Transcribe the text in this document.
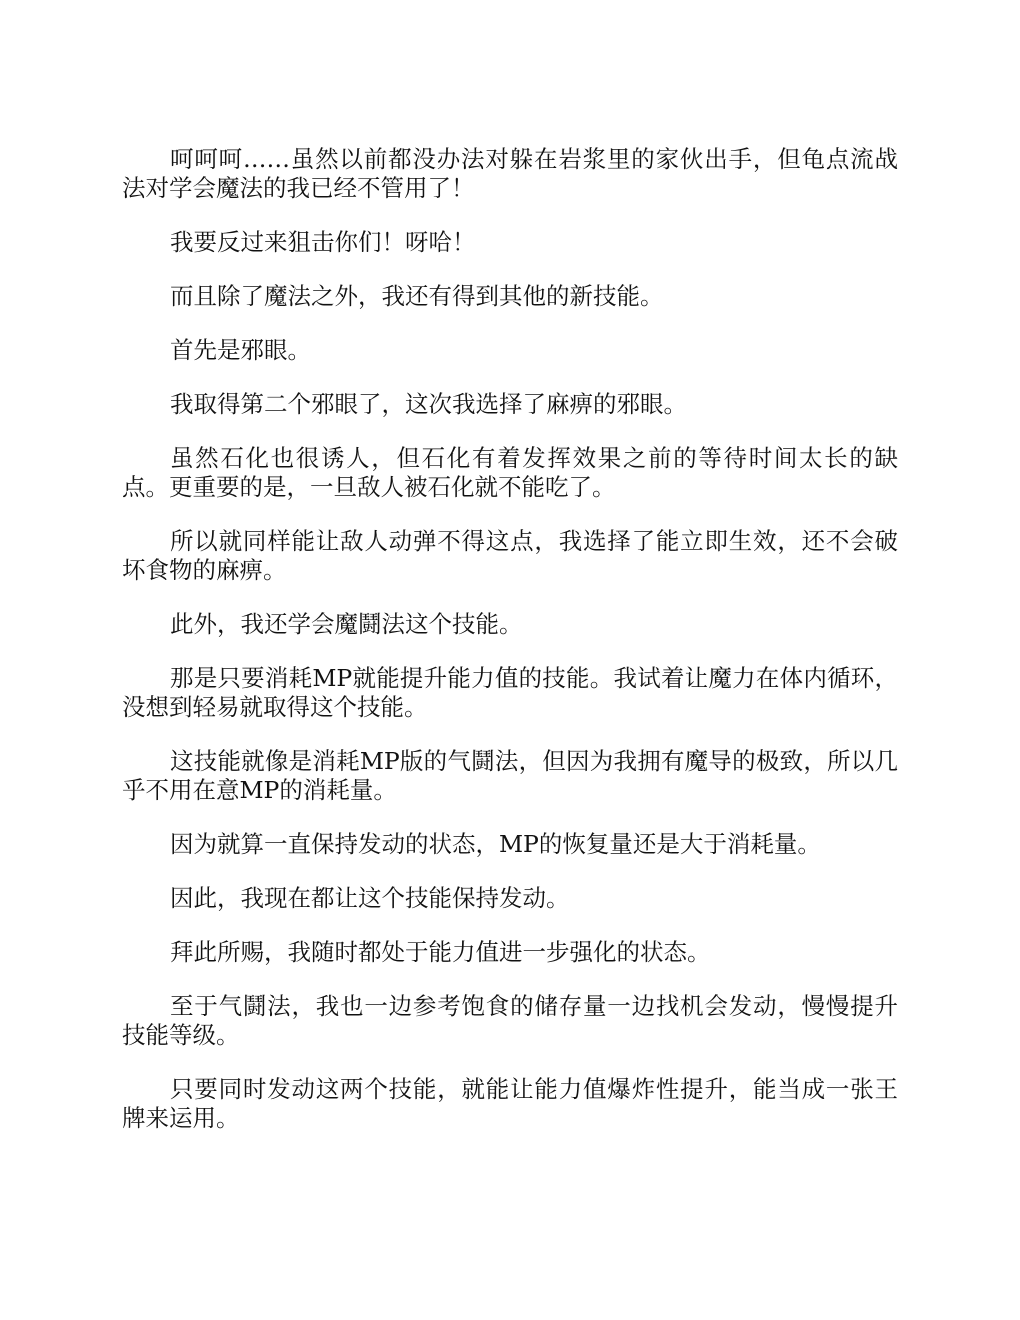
呵呵呵……虽然以前都没办法对躲在岩浆里的家伙出手，但龟点流战法对学会魔法的我已经不管用了！

我要反过来狙击你们！呀哈！

而且除了魔法之外，我还有得到其他的新技能。

首先是邪眼。

我取得第二个邪眼了，这次我选择了麻痹的邪眼。

虽然石化也很诱人，但石化有着发挥效果之前的等待时间太长的缺点。更重要的是，一旦敌人被石化就不能吃了。

所以就同样能让敌人动弹不得这点，我选择了能立即生效，还不会破坏食物的麻痹。

此外，我还学会魔鬪法这个技能。

那是只要消耗MP就能提升能力值的技能。我试着让魔力在体内循环，没想到轻易就取得这个技能。

这技能就像是消耗MP版的气鬪法，但因为我拥有魔导的极致，所以几乎不用在意MP的消耗量。

因为就算一直保持发动的状态，MP的恢复量还是大于消耗量。

因此，我现在都让这个技能保持发动。

拜此所赐，我随时都处于能力值进一步强化的状态。

至于气鬪法，我也一边参考饱食的储存量一边找机会发动，慢慢提升技能等级。

只要同时发动这两个技能，就能让能力值爆炸性提升，能当成一张王牌来运用。
